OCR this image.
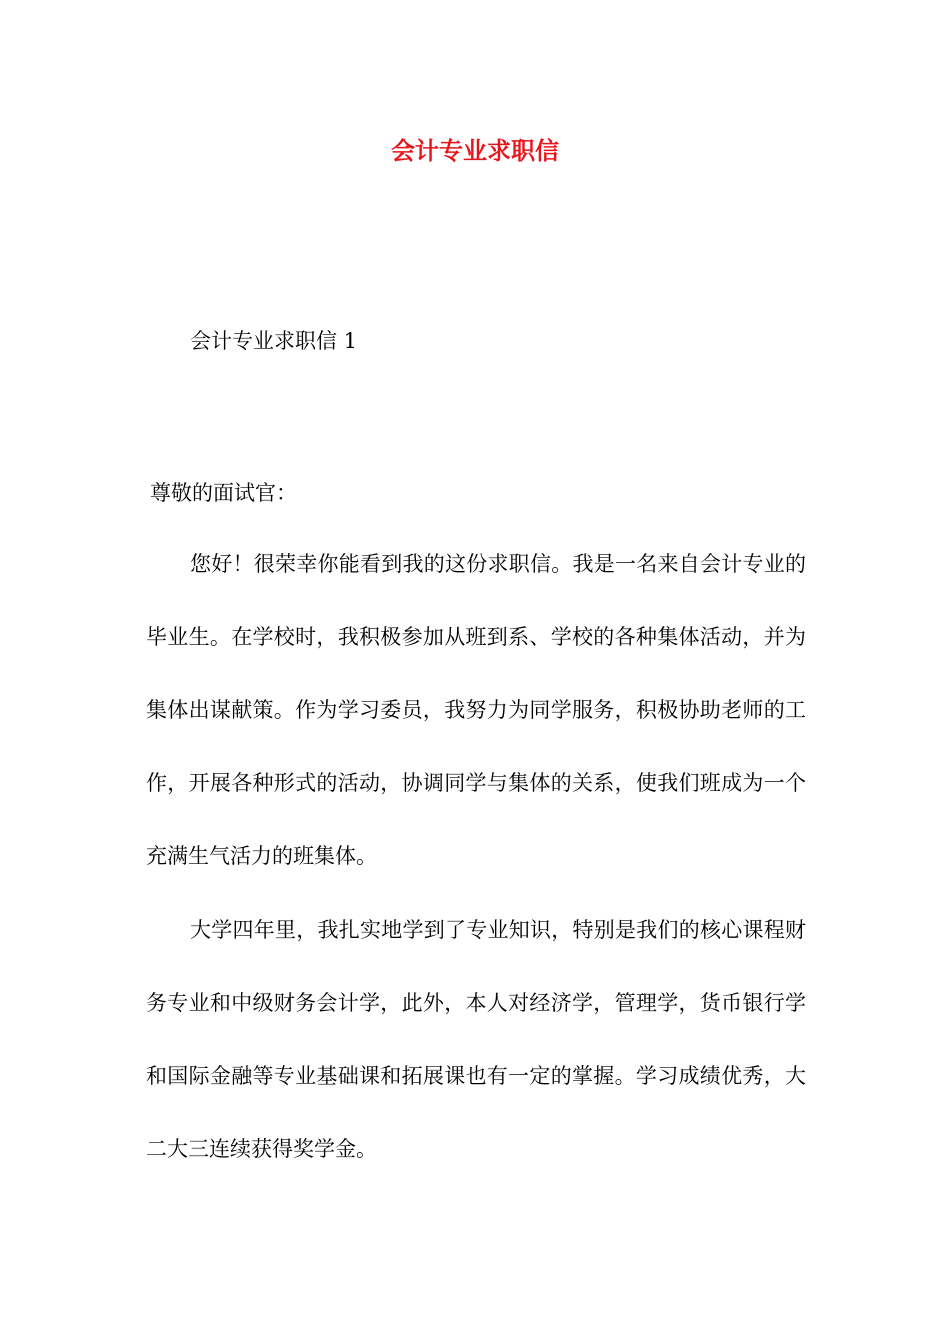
会计专业求职信

会计专业求职信 1

尊敬的面试官：

您好！很荣幸你能看到我的这份求职信。我是一名来自会计专业的毕业生。在学校时，我积极参加从班到系、学校的各种集体活动，并为集体出谋献策。作为学习委员，我努力为同学服务，积极协助老师的工作，开展各种形式的活动，协调同学与集体的关系，使我们班成为一个充满生气活力的班集体。

大学四年里，我扎实地学到了专业知识，特别是我们的核心课程财务专业和中级财务会计学，此外，本人对经济学，管理学，货币银行学和国际金融等专业基础课和拓展课也有一定的掌握。学习成绩优秀，大二大三连续获得奖学金。
